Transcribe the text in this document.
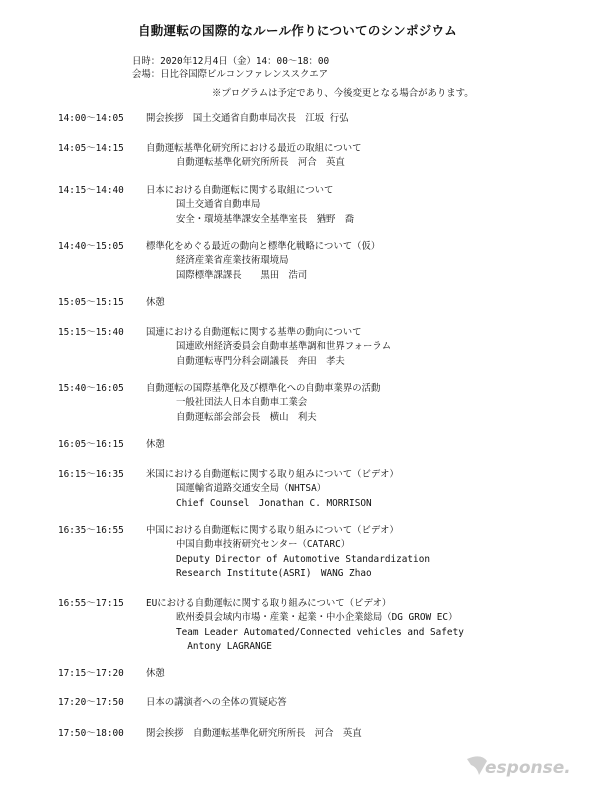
自動運転の国際的なルール作りについてのシンポジウム
日時：2020年12月4日（金）14：00～18：00
会場：日比谷国際ビルコンファレンススクエア
※プログラムは予定であり、今後変更となる場合があります。
14:00～14:05 開会挨拶　国土交通省自動車局次長　江坂 行弘
14:05～14:15 自動運転基準化研究所における最近の取組について
自動運転基準化研究所所長　河合　英直
14:15～14:40 日本における自動運転に関する取組について
国土交通省自動車局
安全・環境基準課安全基準室長　猶野　喬
14:40～15:05 標準化をめぐる最近の動向と標準化戦略について（仮）
経済産業省産業技術環境局
国際標準課課長　　黒田　浩司
15:05～15:15 休憩
15:15～15:40 国連における自動運転に関する基準の動向について
国連欧州経済委員会自動車基準調和世界フォーラム
自動運転専門分科会副議長　奔田　孝夫
15:40～16:05 自動運転の国際基準化及び標準化への自動車業界の活動
一般社団法人日本自動車工業会
自動運転部会部会長　横山　利夫
16:05～16:15 休憩
16:15～16:35 米国における自動運転に関する取り組みについて（ビデオ）
国運輸省道路交通安全局（NHTSA）
Chief Counsel　Jonathan C. MORRISON
16:35～16:55 中国における自動運転に関する取り組みについて（ビデオ）
中国自動車技術研究センター（CATARC）
Deputy Director of Automotive Standardization
Research Institute(ASRI)　WANG Zhao
16:55～17:15 EUにおける自動運転に関する取り組みについて（ビデオ）
欧州委員会域内市場・産業・起業・中小企業総局（DG GROW EC）
Team Leader Automated/Connected vehicles and Safety
Antony LAGRANGE
17:15～17:20 休憩
17:20～17:50 日本の講演者への全体の質疑応答
17:50～18:00 閉会挨拶　自動運転基準化研究所所長　河合　英直
esponse.
